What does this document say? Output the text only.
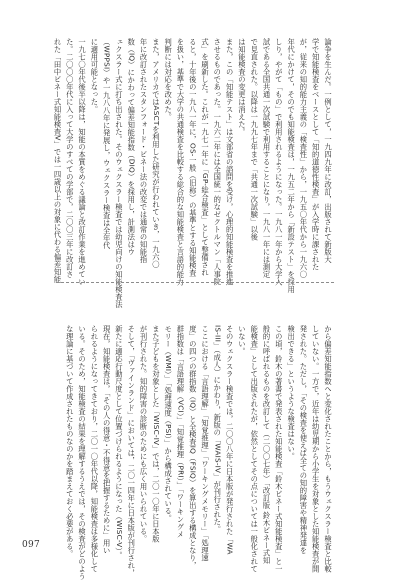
論争を生んだ。一例として，一九四九年に改訂，出版されて新版大
学で知能検査をベースとして「知的道徳性検査」が入学時に課された
が，従来の知的能力主義の「検査性」から，一九五〇年代から一九六〇
年代にかけて，そのでも知能検査は，一九五二年から「新設テスト」を採用
しり，やがて「もの」で利用されるようになった。一九八一年から大学入
試である全国共通一次試験で利用することになり，一九八一年には測定
で見直された。以降は一九九七年まで「共通一次試験」以後
は知能検査の変更は消えた。
また，この「知能テスト」は文部省の諮問を受け，心理的知能検査を推進
させるものであった。一九六二年には全国統一的なゼクトルマン「人事院
式」を刷新した。これが一九七一年に「GP-総合検査」として整備され
ると，十年後の一九八一年に，OS-一般（旧称）の基準とする知能検査
を扱い，基準で大学の共通検査を比較する総合的な知能検査と言語的能力
判断には対応を改めた。
また，アメリカではASCTを利用した研究が行われていき，一九六〇
年に改訂されたスタンフォード・ビネー法の改変では通常の知能指
数（IQ）にかわって偏差知能指数（DIQ）を採用し，計測法はウ
ェクスラー式に打ち出された。そのウェクスラー検査では幼児向けの知能検査法
（WPPSI）や一九八八年に発展し，ウェクスラー検査は全年代
に適用可能となった。
一九七〇年代後半以降は，知能の本質をめぐる議論と改訂作業を進めてい
た。二〇〇〇年代に入って大学のすべての学部で，二〇〇三年に改訂さ
れた「田中ビネー式知能検査V」では一四歳以上の対象に代わる偏差知能
から偏差知能指数へと変化されたことから，もうウェクスラー検査と比較
していない。一方で，近年は幼児期から小学生を対象とした知能検査が開
発された。ただし，「その検査を使えば全ての知的障害や精神発達を
検出できる」というような検査はない。
この頃，鈴木の著書で発表された知能検査「鈴木ビネー式知能検査」と一
般的に呼ばれるものを改訂して（二〇〇七年）「改訂版 鈴木ビネー式知
能検査」として出版されたが，依然としてその点については一般化されて
いない。
そのウェクスラー検査では，二〇〇八年に日本版が発行された「WA
IS-III」（成人）にかわり，新版の「WAIS-IV」が刊行された。
ここにおける「言語理解」「知覚推理」「ワーキングメモリー」「処理速
度」の四つの群指数（IQ）と全検査IQ（FSIQ）を算出する構成となり，
群指数は「言語理解（VCI）」「知覚推理（PRI）」「ワーキングメ
モリー（WMI）」「処理速度（PSI）」から構成されている。
また子どもを対象とした「WISC-IV」では，二〇一〇年に日本版
が刊行された。知的障害の診断のためにも広く用いられている。
そして，「ヴァインランド」においては，二〇一四年に日本版が刊行され，
新たに適応行動尺度として位置づけられるようになった（WISC-V）。
現在，知能検査は，「その人の得意・不得意を把握するために」用い
られるようになってきており，二〇一〇年代以降，知能検査は多様化して
いる。そのため，知能検査の結果を理解するうえでは，その検査がどのよう
な理論に基づいて作成されたものなのかを踏まえておく必要がある。
097
